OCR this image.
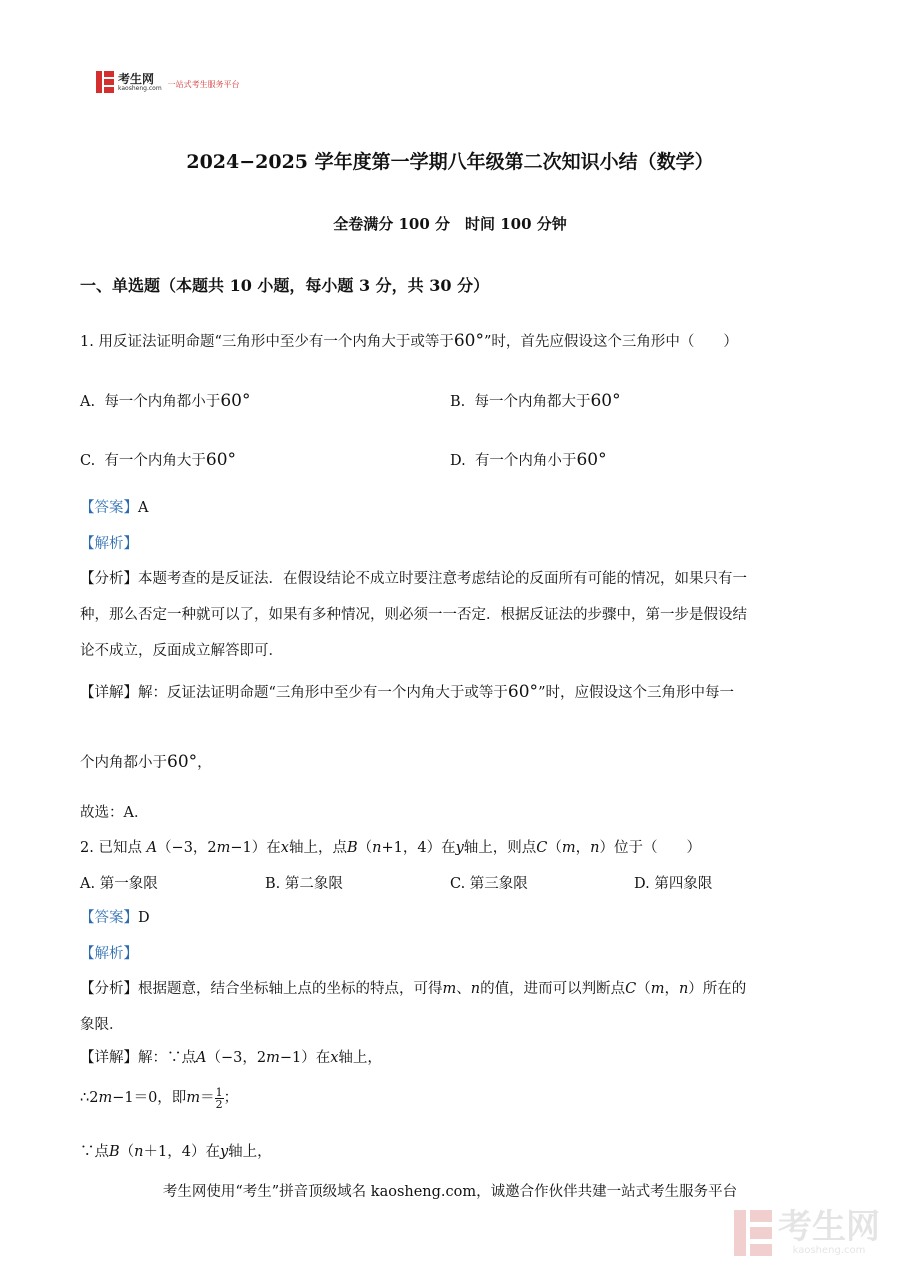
考生网
kaosheng.com 一站式考生服务平台
2024−2025 学年度第一学期八年级第二次知识小结（数学）
全卷满分 100 分　时间 100 分钟
一、单选题（本题共 10 小题，每小题 3 分，共 30 分）
1. 用反证法证明命题“三角形中至少有一个内角大于或等于60°”时，首先应假设这个三角形中（　　）
A. 每一个内角都小于60°	B. 每一个内角都大于60°
C. 有一个内角大于60°	D. 有一个内角小于60°
【答案】A
【解析】
【分析】本题考查的是反证法．在假设结论不成立时要注意考虑结论的反面所有可能的情况，如果只有一
种，那么否定一种就可以了，如果有多种情况，则必须一一否定．根据反证法的步骤中，第一步是假设结
论不成立，反面成立解答即可．
【详解】解：反证法证明命题“三角形中至少有一个内角大于或等于60°”时，应假设这个三角形中每一
个内角都小于60°，
故选：A．
2. 已知点 A（−3，2m−1）在x轴上，点B（n+1，4）在y轴上，则点C（m，n）位于（　　）
A. 第一象限	B. 第二象限	C. 第三象限	D. 第四象限
【答案】D
【解析】
【分析】根据题意，结合坐标轴上点的坐标的特点，可得m、n的值，进而可以判断点C（m，n）所在的
象限．
【详解】解：∵点A（−3，2m−1）在x轴上，
∴2m−1＝0，即$m= \frac{1}{2}$ ；
∵点B（n＋1，4）在y轴上，
考生网使用“考生”拼音顶级域名 kaosheng.com，诚邀合作伙伴共建一站式考生服务平台
考生网
kaosheng.com
